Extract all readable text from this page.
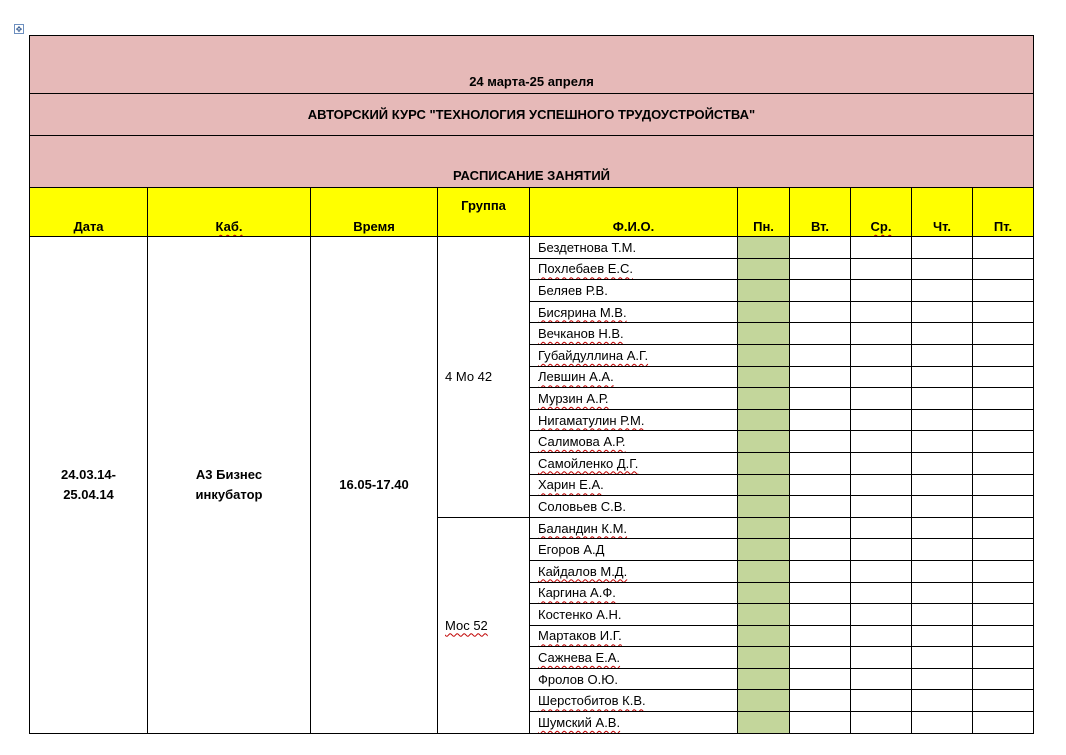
✥
24 марта-25 апреля									
АВТОРСКИЙ КУРС "ТЕХНОЛОГИЯ УСПЕШНОГО ТРУДОУСТРОЙСТВА"									
РАСПИСАНИЕ ЗАНЯТИЙ									
Дата	Каб.	Время	Группа	Ф.И.О.	Пн.	Вт.	Ср.	Чт.	Пт.
24.03.14-
25.04.14	А3 Бизнес
инкубатор	16.05-17.40	4 Мо 42	Бездетнова Т.М.					
				Похлебаев Е.С.					
				Беляев Р.В.					
				Бисярина М.В.					
				Вечканов Н.В.					
				Губайдуллина А.Г.					
				Левшин А.А.					
				Мурзин А.Р.					
				Нигаматулин Р.М.					
				Салимова А.Р.					
				Самойленко Д.Г.					
				Харин Е.А.					
				Соловьев С.В.					
			Мос 52	Баландин К.М.					
				Егоров А.Д					
				Кайдалов М.Д.					
				Каргина А.Ф.					
				Костенко А.Н.					
				Мартаков И.Г.					
				Сажнева Е.А.					
				Фролов О.Ю.					
				Шерстобитов К.В.					
				Шумский А.В.					
